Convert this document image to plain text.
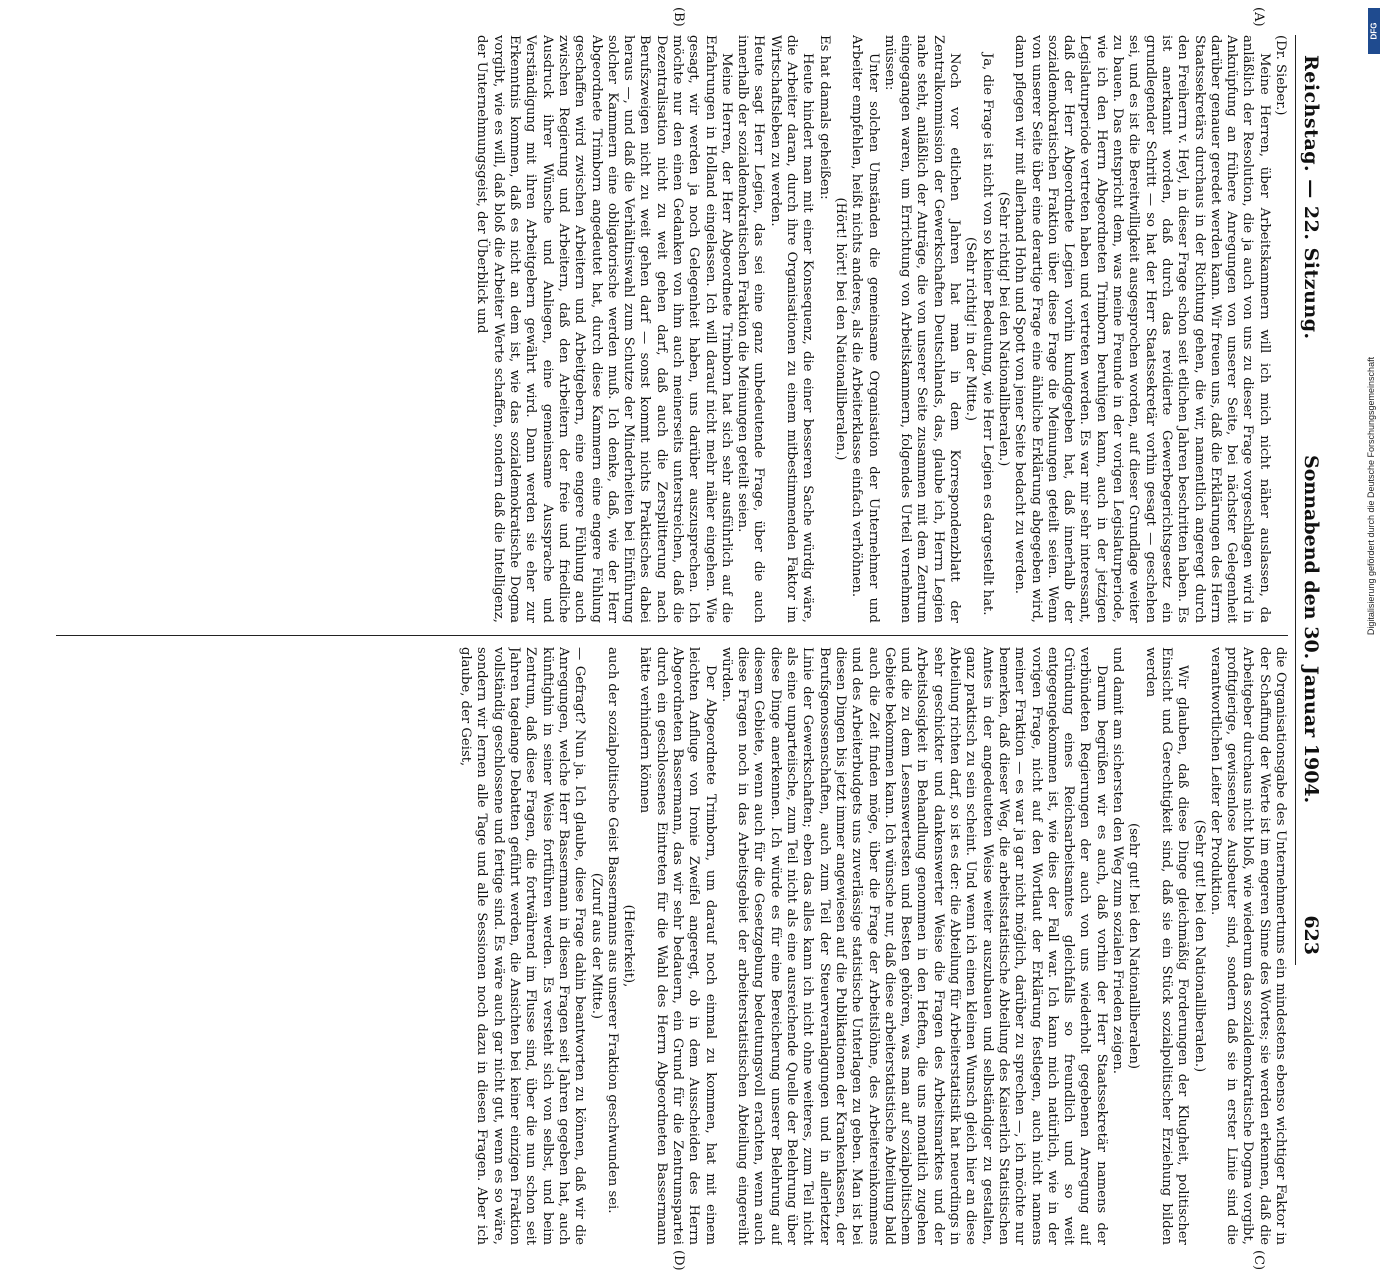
Reichstag. — 22. Sitzung.
Sonnabend den 30. Januar 1904.
623
(A)
(B)
(C)
(D)

(Dr. Sieber.)

Meine Herren, über Arbeitskammern will ich mich nicht näher auslassen, da anläßlich der Resolution, die ja auch von uns zu dieser Frage vorgeschlagen wird in Anknüpfung an frühere Anregungen von unserer Seite, bei nächster Gelegenheit darüber genauer geredet werden kann. Wir freuen uns, daß die Erklärungen des Herrn Staatssekretärs durchaus in der Richtung gehen, die wir, namentlich angeregt durch den Freiherrn v. Heyl, in dieser Frage schon seit etlichen Jahren beschritten haben. Es ist anerkannt worden, daß durch das revidierte Gewerbegerichtsgesetz ein grundlegender Schritt — so hat der Herr Staatssekretär vorhin gesagt — geschehen sei, und es ist die Bereitwilligkeit ausgesprochen worden, auf dieser Grundlage weiter zu bauen. Das entspricht dem, was meine Freunde in der vorigen Legislaturperiode, wie ich den Herrn Abgeordneten Trimborn beruhigen kann, auch in der jetzigen Legislaturperiode vertreten haben und vertreten werden. Es war mir sehr interessant, daß der Herr Abgeordnete Legien vorhin kundgegeben hat, daß innerhalb der sozialdemokratischen Fraktion über diese Frage die Meinungen geteilt seien. Wenn von unserer Seite über eine derartige Frage eine ähnliche Erklärung abgegeben wird, dann pflegen wir mit allerhand Hohn und Spott von jener Seite bedacht zu werden.

(Sehr richtig! bei den Nationalliberalen.)

Ja, die Frage ist nicht von so kleiner Bedeutung, wie Herr Legien es dargestellt hat.

(Sehr richtig! in der Mitte.)

Noch vor etlichen Jahren hat man in dem Korrespondenzblatt der Zentralkommission der Gewerkschaften Deutschlands, das, glaube ich, Herrn Legien nahe steht, anläßlich der Anträge, die von unserer Seite zusammen mit dem Zentrum eingegangen waren, um Errichtung von Arbeitskammern, folgendes Urteil vernehmen müssen:

Unter solchen Umständen die gemeinsame Organisation der Unternehmer und Arbeiter empfehlen, heißt nichts anderes, als die Arbeiterklasse einfach verhöhnen.

(Hört! hört! bei den Nationalliberalen.)

Es hat damals geheißen:

Heute hindert man mit einer Konsequenz, die einer besseren Sache würdig wäre, die Arbeiter daran, durch ihre Organisationen zu einem mitbestimmenden Faktor im Wirtschaftsleben zu werden.

Heute sagt Herr Legien, das sei eine ganz unbedeutende Frage, über die auch innerhalb der sozialdemokratischen Fraktion die Meinungen geteilt seien.

Meine Herren, der Herr Abgeordnete Trimborn hat sich sehr ausführlich auf die Erfahrungen in Holland eingelassen. Ich will darauf nicht mehr näher eingehen. Wie gesagt, wir werden ja noch Gelegenheit haben, uns darüber auszusprechen. Ich möchte nur den einen Gedanken von ihm auch meinerseits unterstreichen, daß die Dezentralisation nicht zu weit gehen darf, daß auch die Zersplitterung nach Berufszweigen nicht zu weit gehen darf — sonst kommt nichts Praktisches dabei heraus —, und daß die Verhältniswahl zum Schutze der Minderheiten bei Einführung solcher Kammern eine obligatorische werden muß. Ich denke, daß, wie der Herr Abgeordnete Trimborn angedeutet hat, durch diese Kammern eine engere Fühlung geschaffen wird zwischen Arbeitern und Arbeitgebern, eine engere Fühlung auch zwischen Regierung und Arbeitern, daß den Arbeitern der freie und friedliche Ausdruck ihrer Wünsche und Anliegen, eine gemeinsame Aussprache und Verständigung mit ihren Arbeitgebern gewährt wird. Dann werden sie eher zur Erkenntnis kommen, daß es nicht an dem ist, wie das sozialdemokratische Dogma vorgibt, wie es will, daß bloß die Arbeiter Werte schaffen, sondern daß die Intelligenz, der Unternehmungsgeist, der Überblick und

die Organisationsgabe des Unternehmertums ein mindestens ebenso wichtiger Faktor in der Schaffung der Werte ist im engeren Sinne des Wortes; sie werden erkennen, daß die Arbeitgeber durchaus nicht bloß, wie wiederum das sozialdemokratische Dogma vorgibt, profitgierige, gewissenlose Ausbeuter sind, sondern daß sie in erster Linie sind die verantwortlichen Leiter der Produktion.

(Sehr gut! bei den Nationalliberalen.)

Wir glauben, daß diese Dinge gleichmäßig Forderungen der Klugheit, politischer Einsicht und Gerechtigkeit sind, daß sie ein Stück sozialpolitischer Erziehung bilden werden

(sehr gut! bei den Nationalliberalen)

und damit am sichersten den Weg zum sozialen Frieden zeigen.

Darum begrüßen wir es auch, daß vorhin der Herr Staatssekretär namens der verbündeten Regierungen der auch von uns wiederholt gegebenen Anregung auf Gründung eines Reichsarbeitsamtes gleichfalls so freundlich und so weit entgegengekommen ist, wie dies der Fall war. Ich kann mich natürlich, wie in der vorigen Frage, nicht auf den Wortlaut der Erklärung festlegen, auch nicht namens meiner Fraktion — es war ja gar nicht möglich, darüber zu sprechen —, ich möchte nur bemerken, daß dieser Weg, die arbeitsstatistische Abteilung des Kaiserlich Statistischen Amtes in der angedeuteten Weise weiter auszubauen und selbständiger zu gestalten, ganz praktisch zu sein scheint. Und wenn ich einen kleinen Wunsch gleich hier an diese Abteilung richten darf, so ist es der: die Abteilung für Arbeiterstatistik hat neuerdings in sehr geschickter und dankenswerter Weise die Fragen des Arbeitsmarktes und der Arbeitslosigkeit in Behandlung genommen in den Heften, die uns monatlich zugehen und die zu dem Lesenswertesten und Besten gehören, was man auf sozialpolitischem Gebiete bekommen kann. Ich wünsche nur, daß diese arbeiterstatistische Abteilung bald auch die Zeit finden möge, über die Frage der Arbeitslöhne, des Arbeitereinkommens und des Arbeiterbudgets uns zuverlässige statistische Unterlagen zu geben. Man ist bei diesen Dingen bis jetzt immer angewiesen auf die Publikationen der Krankenkassen, der Berufsgenossenschaften, auch zum Teil der Steuerveranlagungen und in allerletzter Linie der Gewerkschaften; eben das alles kann ich nicht ohne weiteres, zum Teil nicht als eine unparteiische, zum Teil nicht als eine ausreichende Quelle der Belehrung über diese Dinge anerkennen. Ich würde es für eine Bereicherung unserer Belehrung auf diesem Gebiete, wenn auch für die Gesetzgebung bedeutungsvoll erachten, wenn auch diese Fragen noch in das Arbeitsgebiet der arbeiterstatistischen Abteilung eingereiht würden.

Der Abgeordnete Trimborn, um darauf noch einmal zu kommen, hat mit einem leichten Anfluge von Ironie Zweifel angeregt, ob in dem Ausscheiden des Herrn Abgeordneten Bassermann, das wir sehr bedauern, ein Grund für die Zentrumspartei durch ein geschlossenes Eintreten für die Wahl des Herrn Abgeordneten Bassermann hätte verhindern können

(Heiterkeit),

auch der sozialpolitische Geist Bassermanns aus unserer Fraktion geschwunden sei.

(Zuruf aus der Mitte.)

— Gefragt? Nun ja. Ich glaube, diese Frage dahin beantworten zu können, daß wir die Anregungen, welche Herr Bassermann in diesen Fragen seit Jahren gegeben hat, auch künftighin in seiner Weise fortführen werden. Es versteht sich von selbst, und beim Zentrum, daß diese Fragen, die fortwährend im Flusse sind, über die nun schon seit Jahren tagelange Debatten geführt werden, die Ansichten bei keiner einzigen Fraktion vollständig geschlossene und fertige sind. Es wäre auch gar nicht gut, wenn es so wäre, sondern wir lernen alle Tage und alle Sessionen noch dazu in diesen Fragen. Aber ich glaube, der Geist,

Digitalisierung gefördert durch die Deutsche Forschungsgemeinschaft
DFG
